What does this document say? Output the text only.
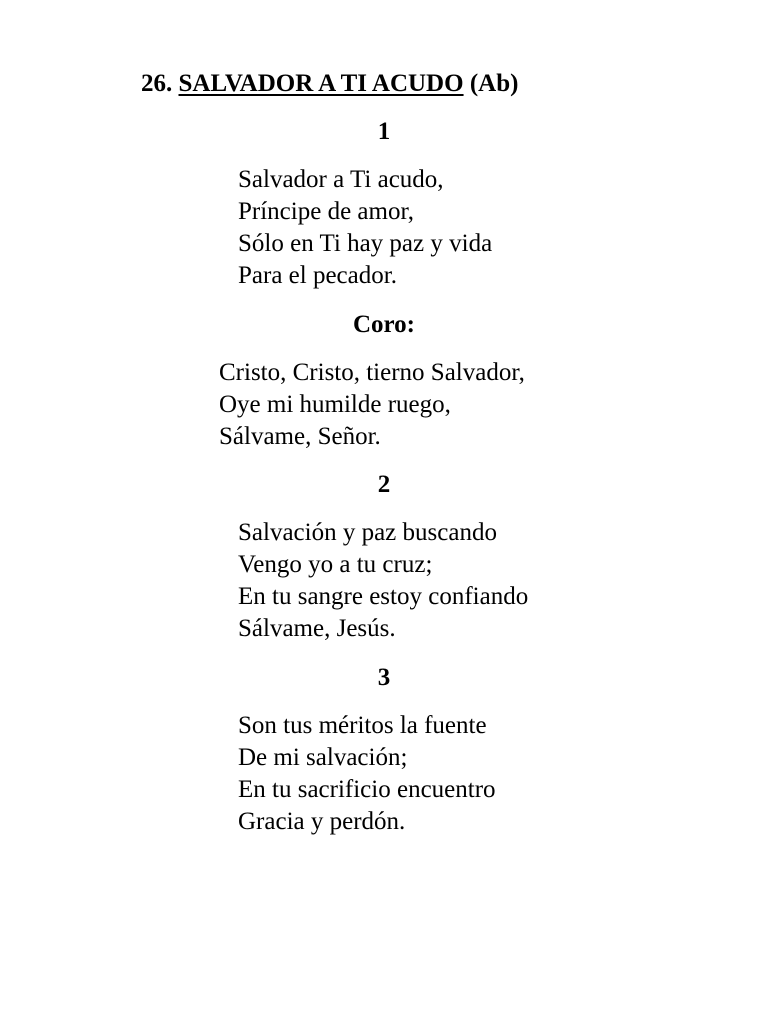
26. SALVADOR A TI ACUDO (Ab)
1
Salvador a Ti acudo,
Príncipe de amor,
Sólo en Ti hay paz y vida
Para el pecador.
Coro:
Cristo, Cristo, tierno Salvador,
Oye mi humilde ruego,
Sálvame, Señor.
2
Salvación y paz buscando
Vengo yo a tu cruz;
En tu sangre estoy confiando
Sálvame, Jesús.
3
Son tus méritos la fuente
De mi salvación;
En tu sacrificio encuentro
Gracia y perdón.
